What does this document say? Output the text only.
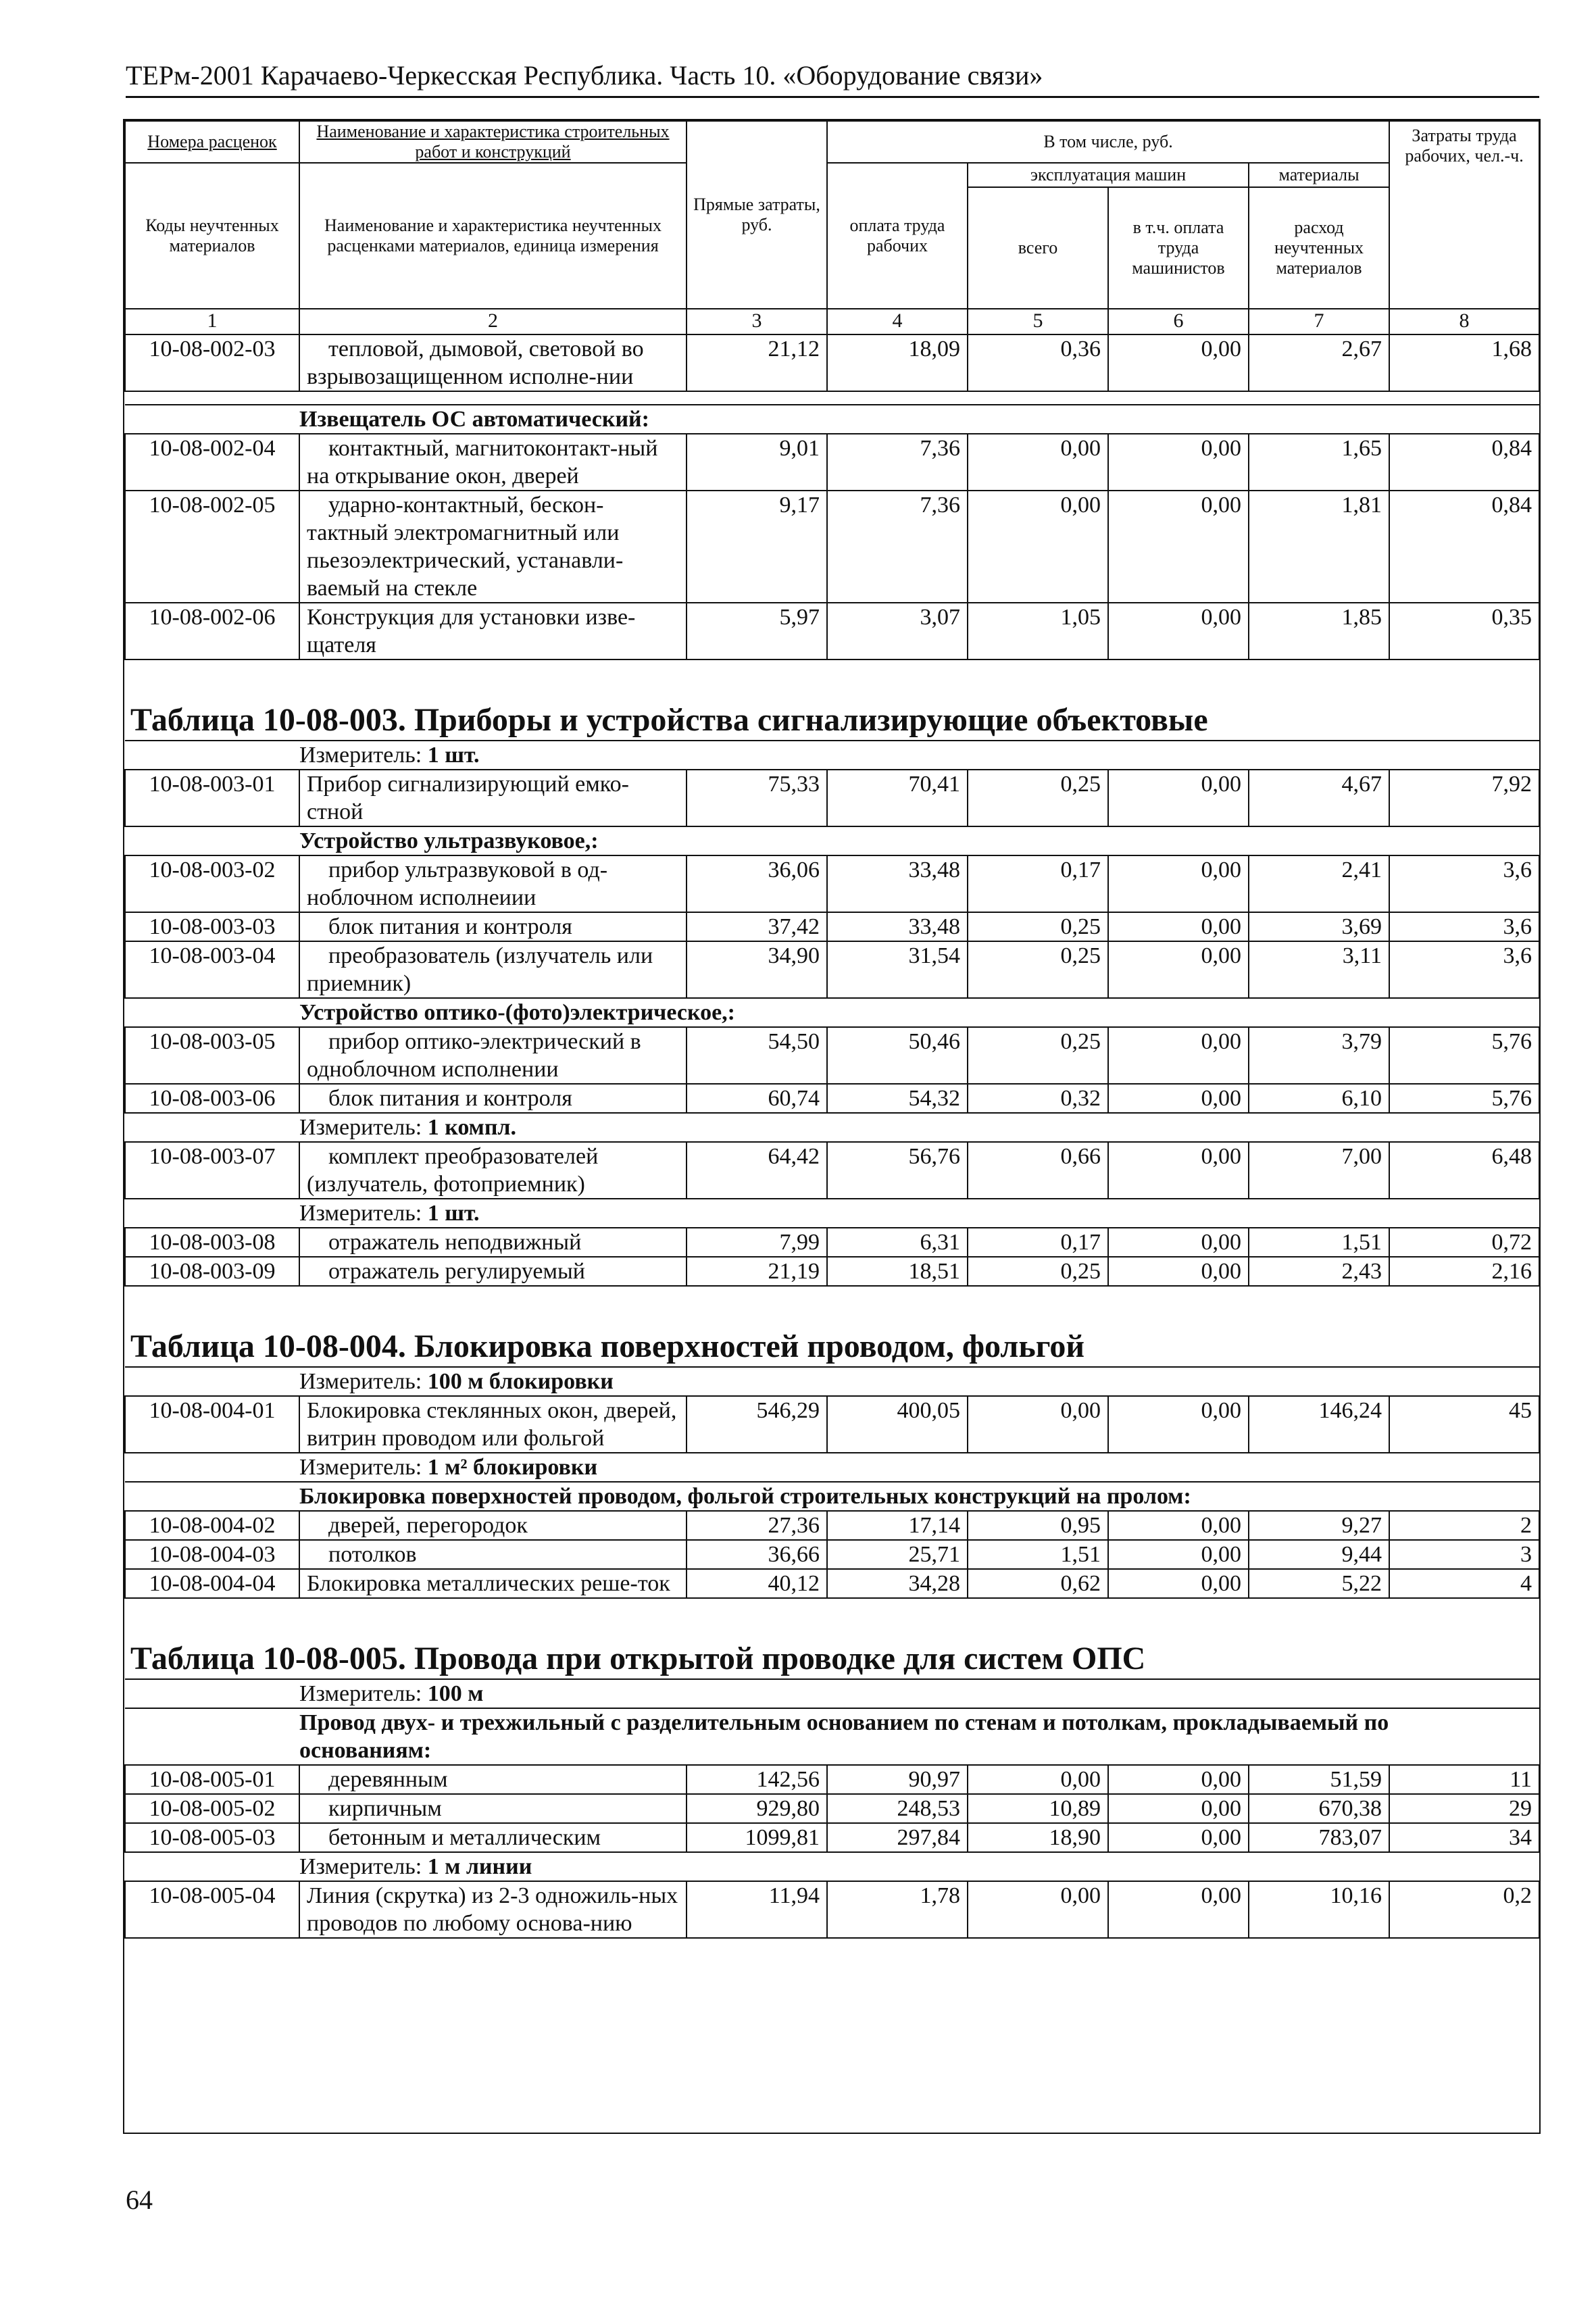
ТЕРм-2001 Карачаево-Черкесская Республика. Часть 10. «Оборудование связи»
Номера расценок	Наименование и характеристика строительных работ и конструкций	Прямые затраты, руб.	В том числе, руб.				Затраты труда рабочих, чел.-ч.
Коды неучтенных материалов	Наименование и характеристика неучтенных расценками материалов, единица измерения		оплата труда рабочих	эксплуатация машин		материалы	
				всего	в т.ч. оплата труда машинистов	расход неучтенных материалов	

1	2	3	4	5	6	7	8
10-08-002-03	тепловой, дымовой, световой во взрывозащищенном исполне-нии	21,12	18,09	0,36	0,00	2,67	1,68

Извещатель ОС автоматический:							
10-08-002-04	контактный, магнитоконтакт-ный на открывание окон, дверей	9,01	7,36	0,00	0,00	1,65	0,84
10-08-002-05	ударно-контактный, бескон-тактный электромагнитный или пьезоэлектрический, устанавли-ваемый на стекле	9,17	7,36	0,00	0,00	1,81	0,84
10-08-002-06	Конструкция для установки изве-щателя	5,97	3,07	1,05	0,00	1,85	0,35
Таблица 10-08-003. Приборы и устройства сигнализирующие объектовые							
Измеритель: 1 шт.							
10-08-003-01	Прибор сигнализирующий емко-стной	75,33	70,41	0,25	0,00	4,67	7,92
Устройство ультразвуковое,:							
10-08-003-02	прибор ультразвуковой в од-ноблочном исполнеиии	36,06	33,48	0,17	0,00	2,41	3,6
10-08-003-03	блок питания и контроля	37,42	33,48	0,25	0,00	3,69	3,6
10-08-003-04	преобразователь (излучатель или приемник)	34,90	31,54	0,25	0,00	3,11	3,6
Устройство оптико-(фото)электрическое,:							
10-08-003-05	прибор оптико-электрический в одноблочном исполнении	54,50	50,46	0,25	0,00	3,79	5,76
10-08-003-06	блок питания и контроля	60,74	54,32	0,32	0,00	6,10	5,76
Измеритель: 1 компл.							
10-08-003-07	комплект преобразователей (излучатель, фотоприемник)	64,42	56,76	0,66	0,00	7,00	6,48
Измеритель: 1 шт.							
10-08-003-08	отражатель неподвижный	7,99	6,31	0,17	0,00	1,51	0,72
10-08-003-09	отражатель регулируемый	21,19	18,51	0,25	0,00	2,43	2,16
Таблица 10-08-004. Блокировка поверхностей проводом, фольгой							
Измеритель: 100 м блокировки							
10-08-004-01	Блокировка стеклянных окон, дверей, витрин проводом или фольгой	546,29	400,05	0,00	0,00	146,24	45
Измеритель: 1 м² блокировки							
Блокировка поверхностей проводом, фольгой строительных конструкций на пролом:							
10-08-004-02	дверей, перегородок	27,36	17,14	0,95	0,00	9,27	2
10-08-004-03	потолков	36,66	25,71	1,51	0,00	9,44	3
10-08-004-04	Блокировка металлических реше-ток	40,12	34,28	0,62	0,00	5,22	4
Таблица 10-08-005. Провода при открытой проводке для систем ОПС							
Измеритель: 100 м							
Провод двух- и трехжильный с разделительным основанием по стенам и потолкам, прокладываемый по основаниям:							
10-08-005-01	деревянным	142,56	90,97	0,00	0,00	51,59	11
10-08-005-02	кирпичным	929,80	248,53	10,89	0,00	670,38	29
10-08-005-03	бетонным и металлическим	1099,81	297,84	18,90	0,00	783,07	34
Измеритель: 1 м линии							
10-08-005-04	Линия (скрутка) из 2-3 одножиль-ных проводов по любому основа-нию	11,94	1,78	0,00	0,00	10,16	0,2
64
